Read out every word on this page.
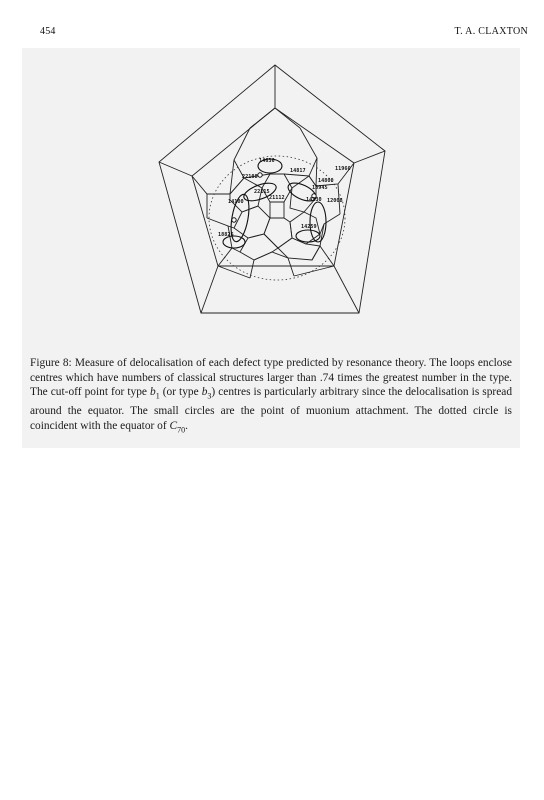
454	T. A. CLAXTON
14636
14817	11966
14800
22108
18945
14230 12008
14100
22115
21112
18826
14259
Figure 8: Measure of delocalisation of each defect type predicted by resonance theory. The loops enclose centres which have numbers of classical structures larger than .74 times the greatest number in the type. The cut-off point for type $b_1$ (or type $b_3$) centres is particularly arbitrary since the delocalisation is spread around the equator. The small circles are the point of muonium attachment. The dotted circle is coincident with the equator of $C_{70}$.
